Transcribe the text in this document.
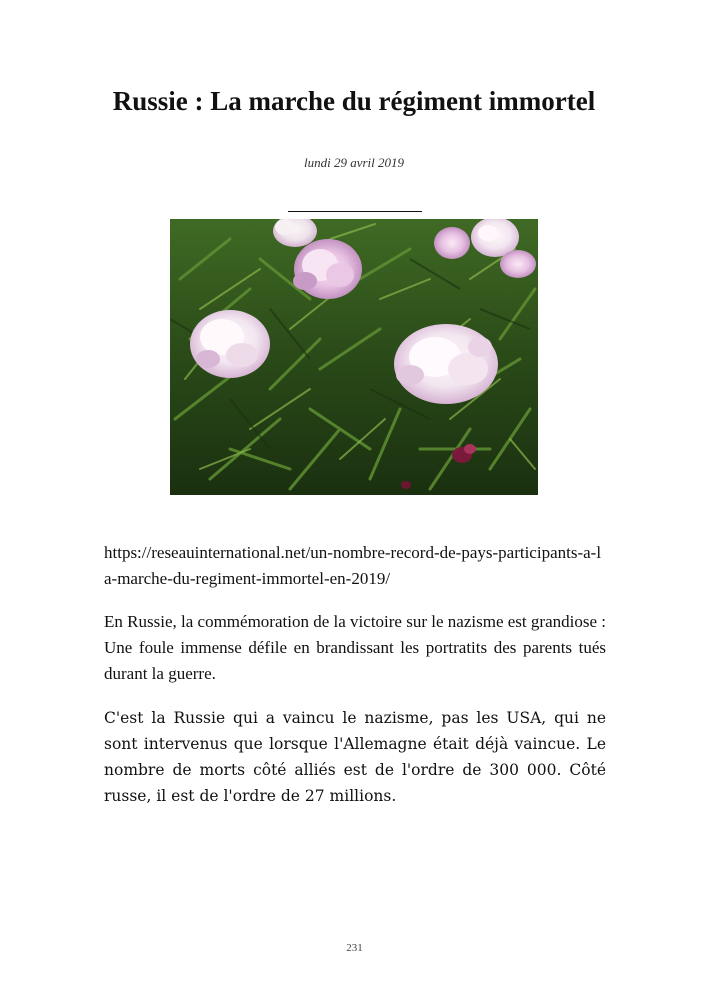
Russie : La marche du régiment immortel
lundi 29 avril 2019
https://reseauinternational.net/un-nombre-record-de-pays-participants-a-la-marche-du-regiment-immortel-en-2019/

En Russie, la commémoration de la victoire sur le nazisme est grandiose : Une foule immense défile en brandissant les portratits des parents tués durant la guerre.

C'est la Russie qui a vaincu le nazisme, pas les USA, qui ne sont intervenus que lorsque l'Allemagne était déjà vaincue. Le nombre de morts côté alliés est de l'ordre de 300 000. Côté russe, il est de l'ordre de 27 millions.

231
